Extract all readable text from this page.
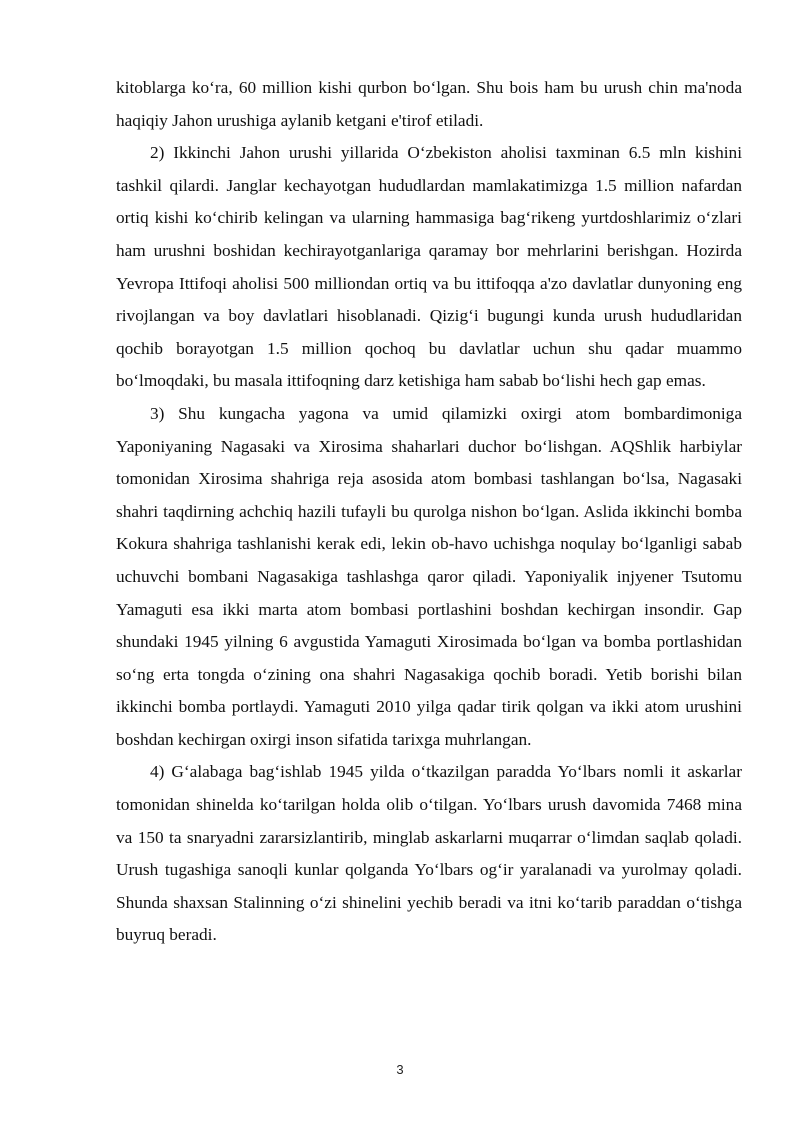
kitoblarga ko‘ra, 60 million kishi qurbon bo‘lgan. Shu bois ham bu urush chin ma'noda haqiqiy Jahon urushiga aylanib ketgani e'tirof etiladi.

2) Ikkinchi Jahon urushi yillarida O‘zbekiston aholisi taxminan 6.5 mln kishini tashkil qilardi. Janglar kechayotgan hududlardan mamlakatimizga 1.5 million nafardan ortiq kishi ko‘chirib kelingan va ularning hammasiga bag‘rikeng yurtdoshlarimiz o‘zlari ham urushni boshidan kechirayotganlariga qaramay bor mehrlarini berishgan. Hozirda Yevropa Ittifoqi aholisi 500 milliondan ortiq va bu ittifoqqa a'zo davlatlar dunyoning eng rivojlangan va boy davlatlari hisoblanadi. Qizig‘i bugungi kunda urush hududlaridan qochib borayotgan 1.5 million qochoq bu davlatlar uchun shu qadar muammo bo‘lmoqdaki, bu masala ittifoqning darz ketishiga ham sabab bo‘lishi hech gap emas.

3) Shu kungacha yagona va umid qilamizki oxirgi atom bombardimoniga Yaponiyaning Nagasaki va Xirosima shaharlari duchor bo‘lishgan. AQShlik harbiylar tomonidan Xirosima shahriga reja asosida atom bombasi tashlangan bo‘lsa, Nagasaki shahri taqdirning achchiq hazili tufayli bu qurolga nishon bo‘lgan. Aslida ikkinchi bomba Kokura shahriga tashlanishi kerak edi, lekin ob-havo uchishga noqulay bo‘lganligi sabab uchuvchi bombani Nagasakiga tashlashga qaror qiladi. Yaponiyalik injyener Tsutomu Yamaguti esa ikki marta atom bombasi portlashini boshdan kechirgan insondir. Gap shundaki 1945 yilning 6 avgustida Yamaguti Xirosimada bo‘lgan va bomba portlashidan so‘ng erta tongda o‘zining ona shahri Nagasakiga qochib boradi. Yetib borishi bilan ikkinchi bomba portlaydi. Yamaguti 2010 yilga qadar tirik qolgan va ikki atom urushini boshdan kechirgan oxirgi inson sifatida tarixga muhrlangan.

4) G‘alabaga bag‘ishlab 1945 yilda o‘tkazilgan paradda Yo‘lbars nomli it askarlar tomonidan shinelda ko‘tarilgan holda olib o‘tilgan. Yo‘lbars urush davomida 7468 mina va 150 ta snaryadni zararsizlantirib, minglab askarlarni muqarrar o‘limdan saqlab qoladi. Urush tugashiga sanoqli kunlar qolganda Yo‘lbars og‘ir yaralanadi va yurolmay qoladi. Shunda shaxsan Stalinning o‘zi shinelini yechib beradi va itni ko‘tarib paraddan o‘tishga buyruq beradi.

3
